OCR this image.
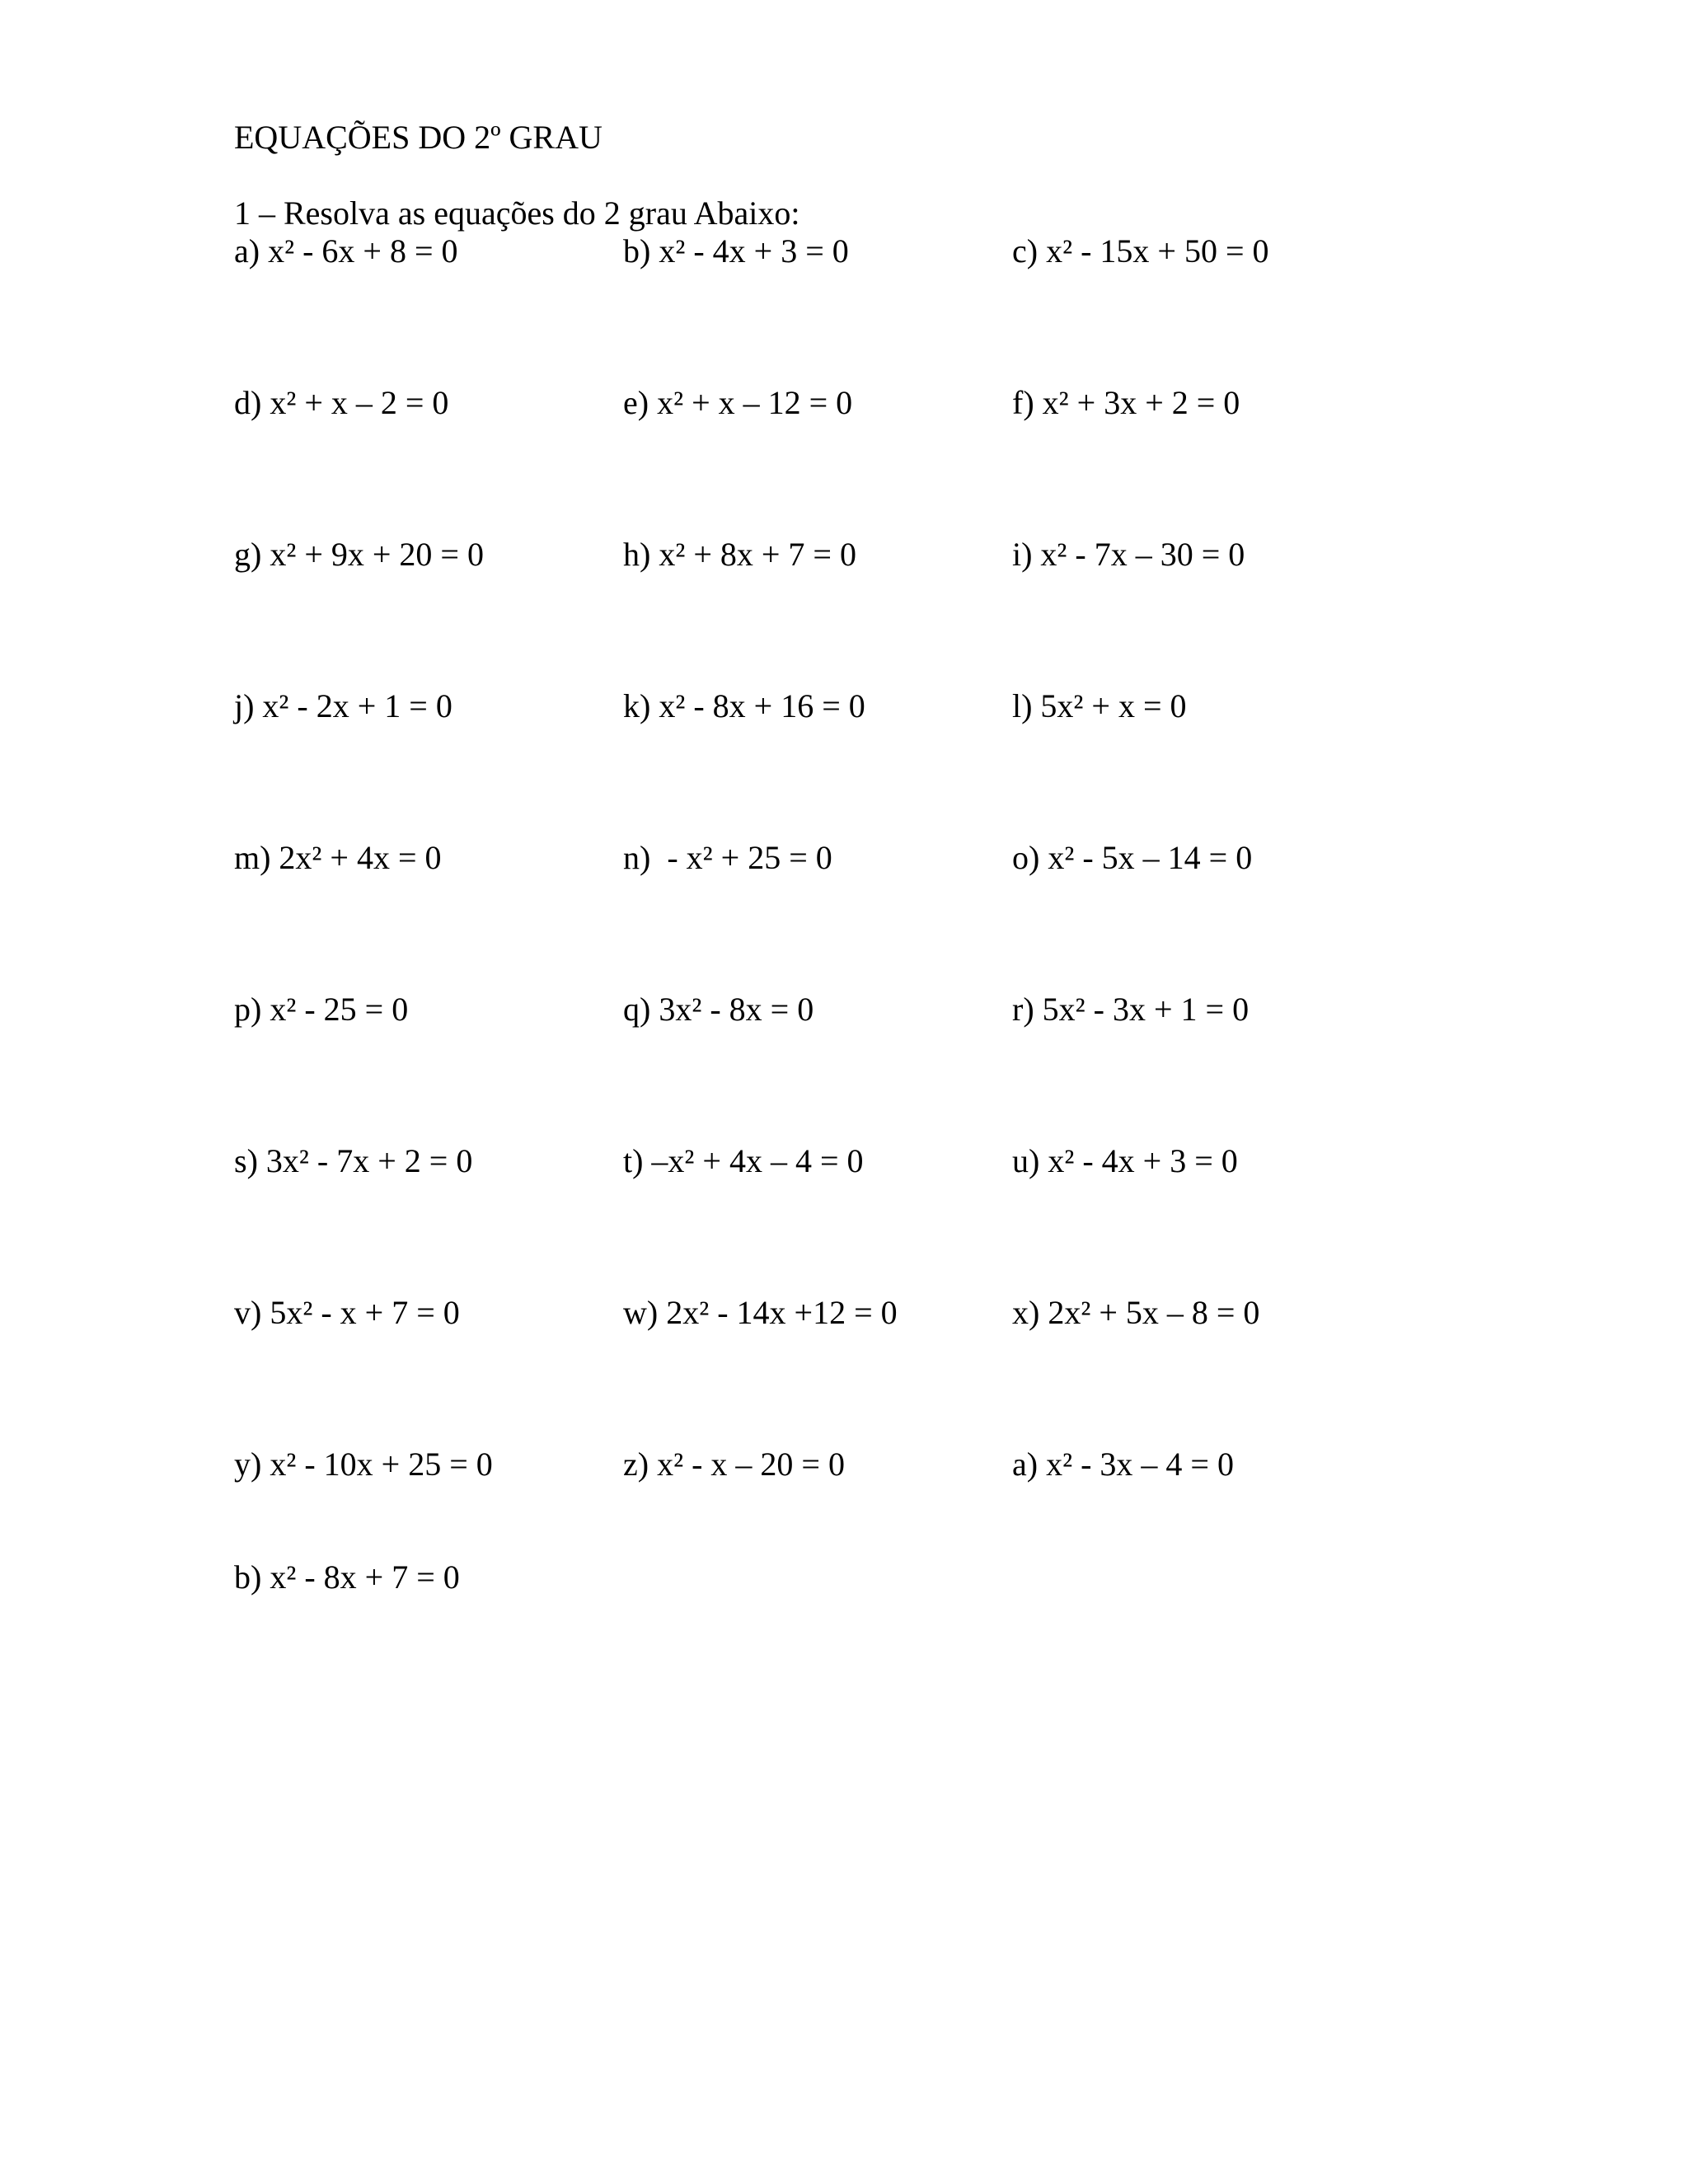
EQUAÇÕES DO 2º GRAU
1 – Resolva as equações do 2 grau Abaixo:
a) x² - 6x + 8 = 0	b) x² - 4x + 3 = 0	c) x² - 15x + 50 = 0
d) x² + x – 2 = 0	e) x² + x – 12 = 0	f) x² + 3x + 2 = 0
g) x² + 9x + 20 = 0	h) x² + 8x + 7 = 0	i) x² - 7x – 30 = 0
j) x² - 2x + 1 = 0	k) x² - 8x + 16 = 0	l) 5x² + x = 0
m) 2x² + 4x = 0	n)  - x² + 25 = 0	o) x² - 5x – 14 = 0
p) x² - 25 = 0	q) 3x² - 8x = 0	r) 5x² - 3x + 1 = 0
s) 3x² - 7x + 2 = 0	t) –x² + 4x – 4 = 0	u) x² - 4x + 3 = 0
v) 5x² - x + 7 = 0	w) 2x² - 14x +12 = 0	x) 2x² + 5x – 8 = 0
y) x² - 10x + 25 = 0	z) x² - x – 20 = 0	a) x² - 3x – 4 = 0
b) x² - 8x + 7 = 0
